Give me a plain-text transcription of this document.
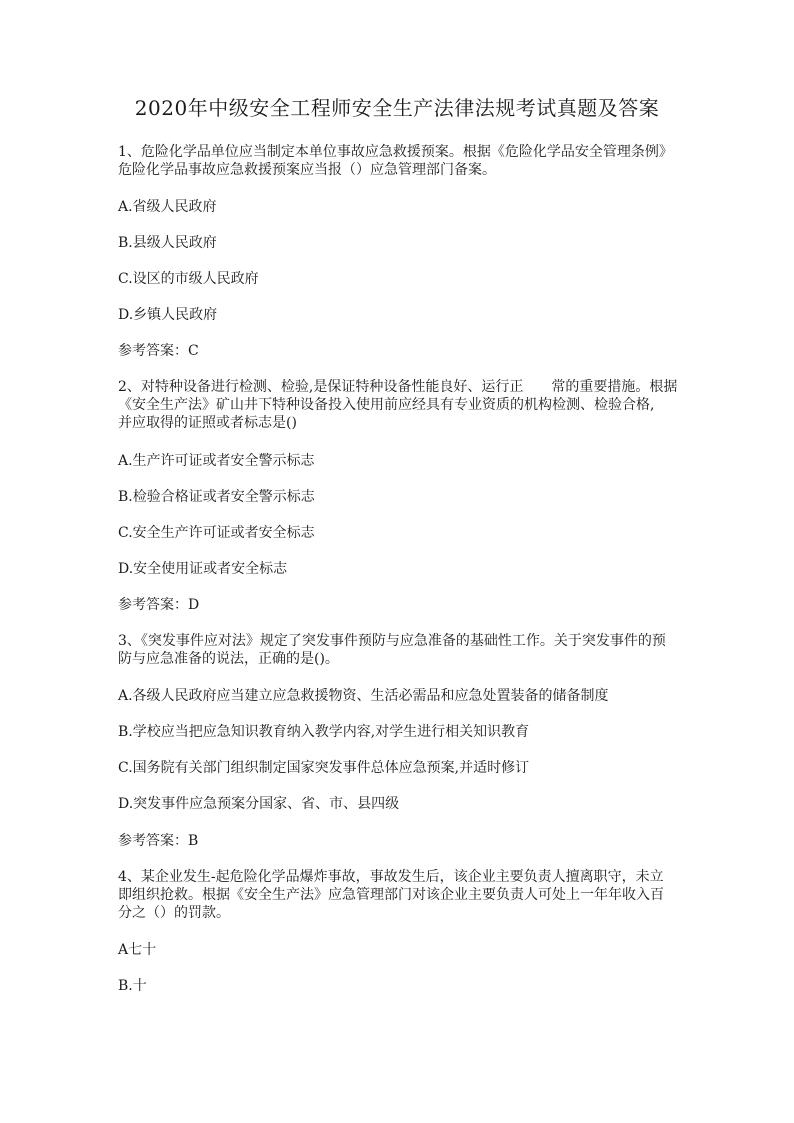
2020年中级安全工程师安全生产法律法规考试真题及答案
1、危险化学品单位应当制定本单位事故应急救援预案。根据《危险化学品安全管理条例》
危险化学品事故应急救援预案应当报（）应急管理部门备案。
A.省级人民政府
B.县级人民政府
C.设区的市级人民政府
D.乡镇人民政府
参考答案：C
2、对特种设备进行检测、检验,是保证特种设备性能良好、运行正　　常的重要措施。根据
《安全生产法》矿山井下特种设备投入使用前应经具有专业资质的机构检测、检验合格,
并应取得的证照或者标志是()
A.生产许可证或者安全警示标志
B.检验合格证或者安全警示标志
C.安全生产许可证或者安全标志
D.安全使用证或者安全标志
参考答案：D
3、《突发事件应对法》规定了突发事件预防与应急准备的基础性工作。关于突发事件的预
防与应急准备的说法，正确的是()。
A.各级人民政府应当建立应急救援物资、生活必需品和应急处置装备的储备制度
B.学校应当把应急知识教育纳入教学内容,对学生进行相关知识教育
C.国务院有关部门组织制定国家突发事件总体应急预案,并适时修订
D.突发事件应急预案分国家、省、市、县四级
参考答案：B
4、某企业发生-起危险化学品爆炸事故，事故发生后，该企业主要负责人擅离职守，未立
即组织抢救。根据《安全生产法》应急管理部门对该企业主要负责人可处上一年年收入百
分之（）的罚款。
A七十
B.十
